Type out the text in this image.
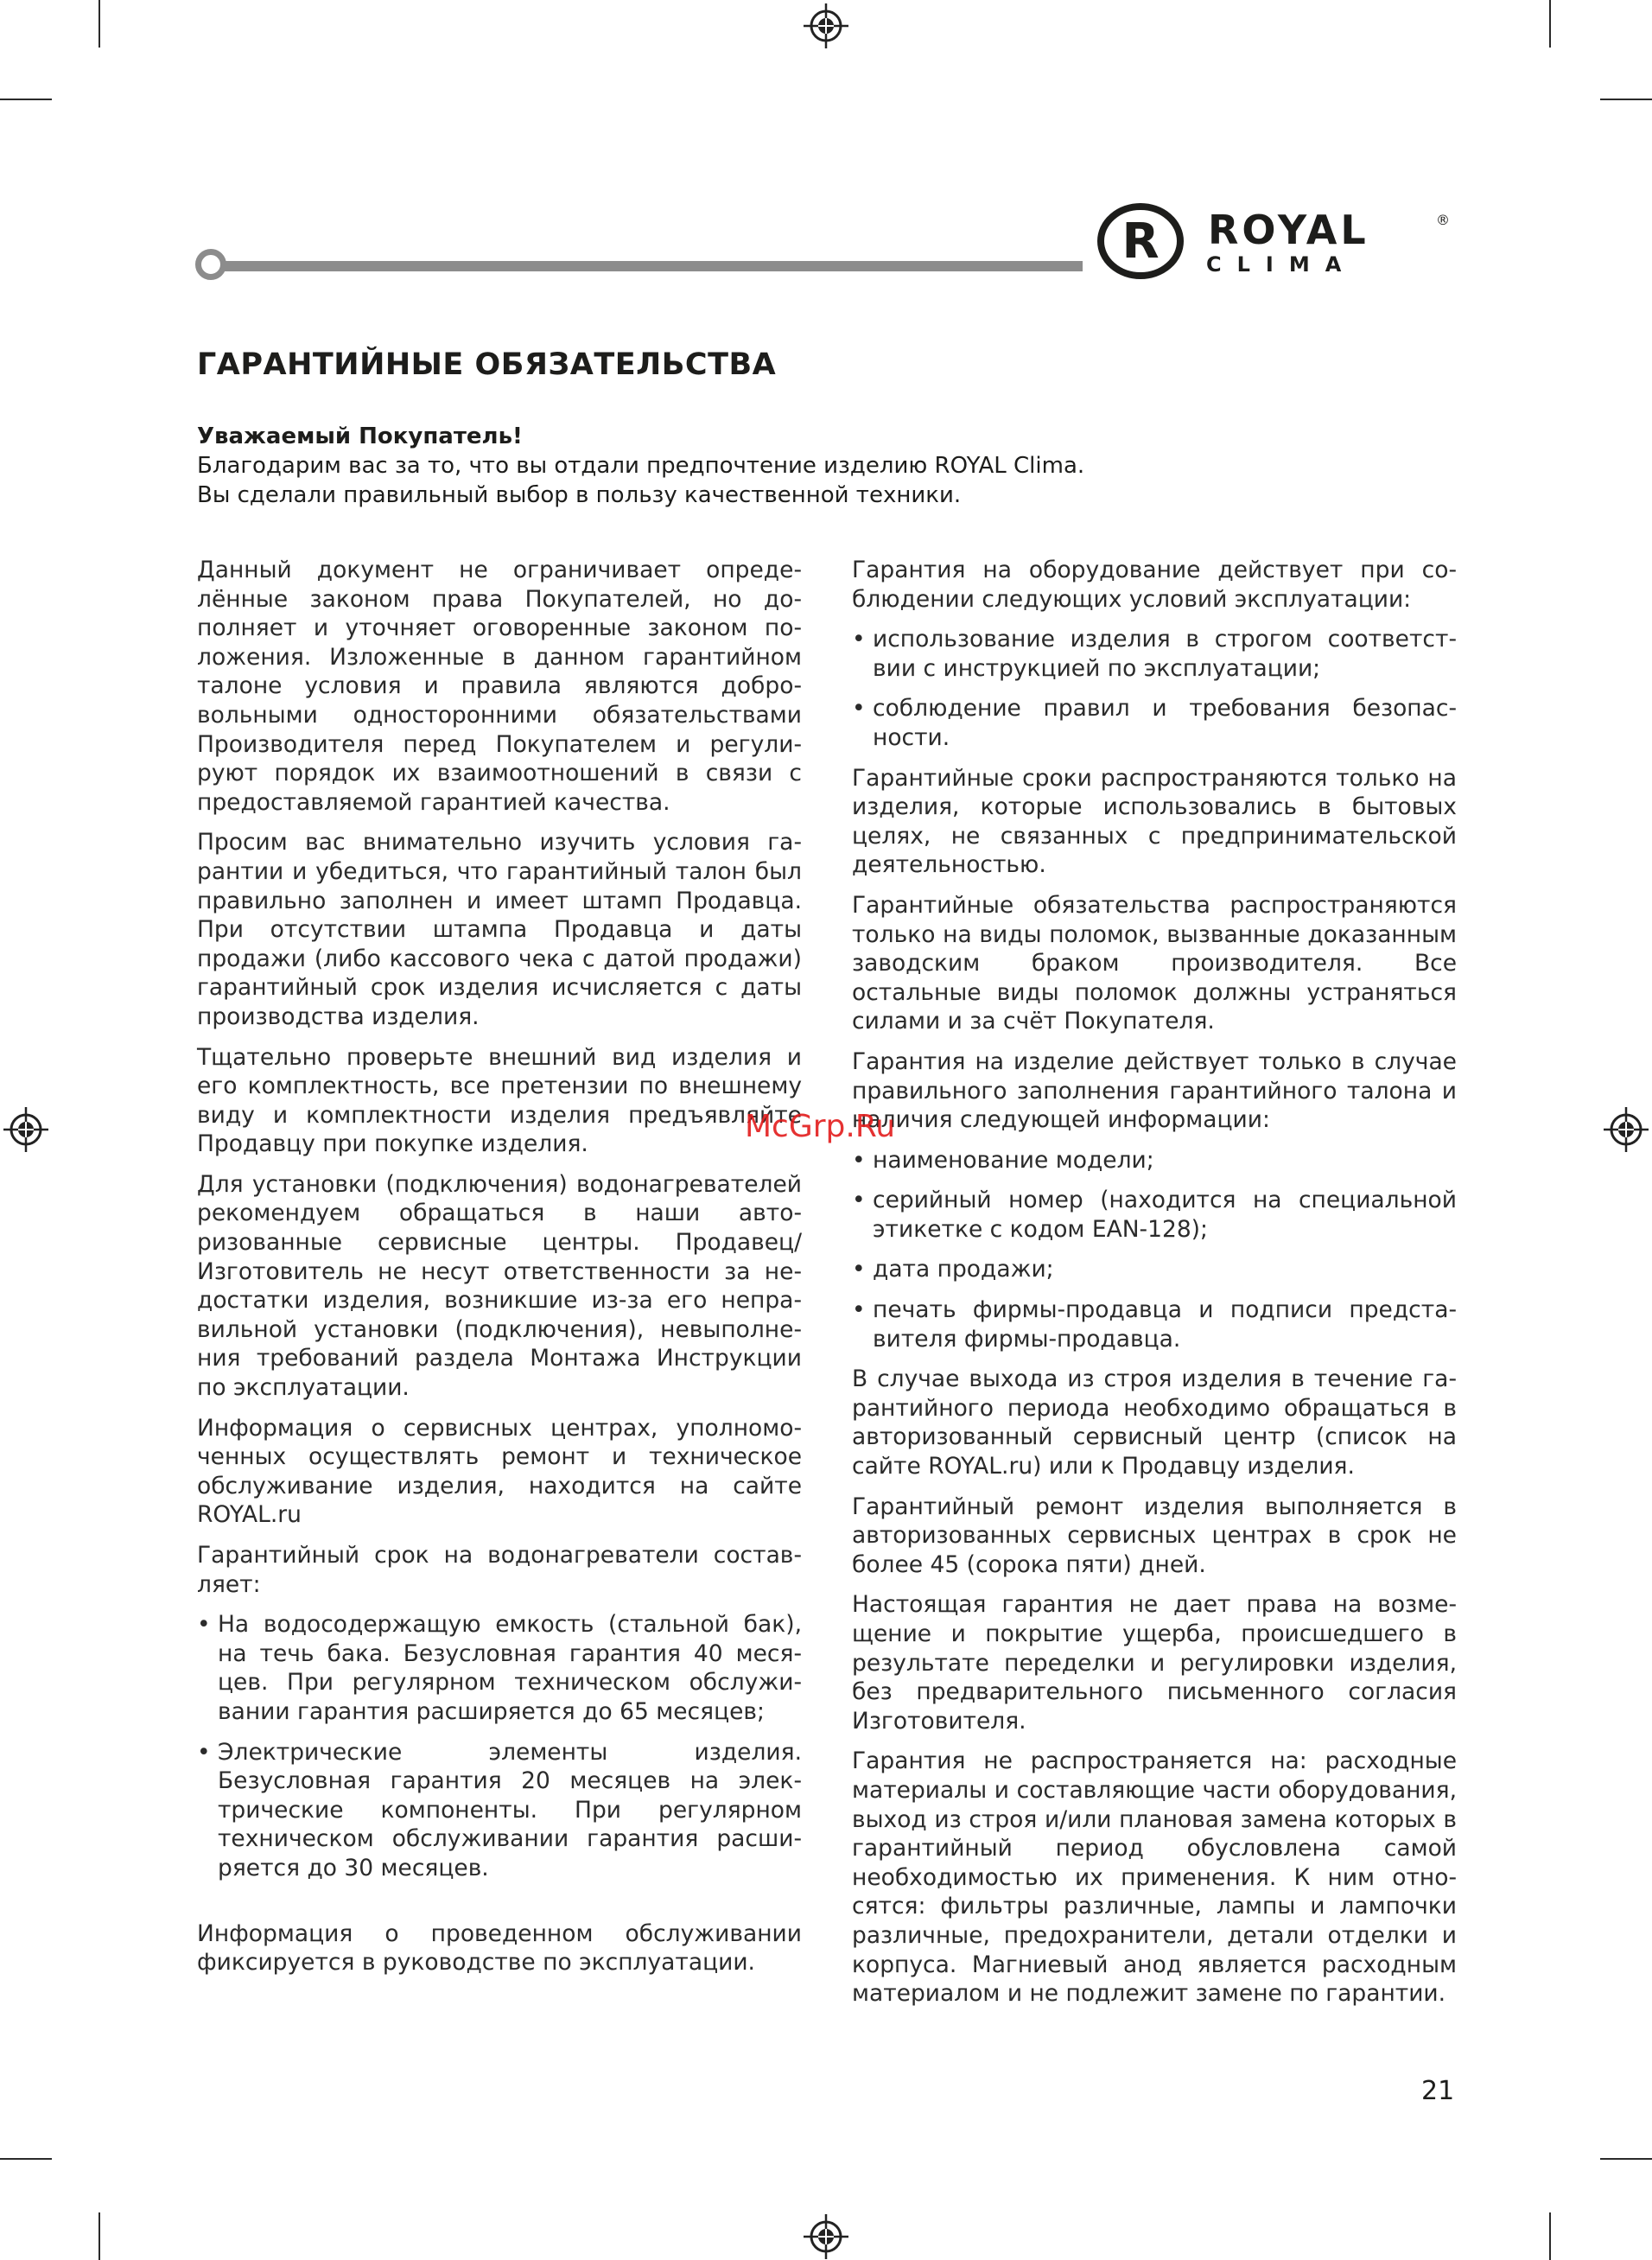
R ROYAL	®
CLIMA
ГАРАНТИЙНЫЕ ОБЯЗАТЕЛЬСТВА
Уважаемый Покупатель!
Благодарим вас за то, что вы отдали предпочтение изделию ROYAL Clima.
Вы сделали правильный выбор в пользу качественной техники.

Данный документ не ограничивает определённые законом права Покупателей, но дополняет и уточняет оговоренные законом положения. Изложенные в данном гарантийном талоне условия и правила являются добровольными односторонними обязательствами Производителя перед Покупателем и регулируют порядок их взаимоотношений в связи с предоставляемой гарантией качества.

Просим вас внимательно изучить условия гарантии и убедиться, что гарантийный талон был правильно заполнен и имеет штамп Продавца. При отсутствии штампа Продавца и даты продажи (либо кассового чека с датой продажи) гарантийный срок изделия исчисляется с даты производства изделия.

Тщательно проверьте внешний вид изделия и его комплектность, все претензии по внешнему виду и комплектности изделия предъявляйте Продавцу при покупке изделия.

Для установки (подключения) водонагревателей рекомендуем обращаться в наши авторизованные сервисные центры. Продавец/ Изготовитель не несут ответственности за недостатки изделия, возникшие из-за его неправильной установки (подключения), невыполнения требований раздела Монтажа Инструкции по эксплуатации.

Информация о сервисных центрах, уполномоченных осуществлять ремонт и техническое обслуживание изделия, находится на сайте ROYAL.ru

Гарантийный срок на водонагреватели составляет:

• На водосодержащую емкость (стальной бак), на течь бака. Безусловная гарантия 40 месяцев. При регулярном техническом обслуживании гарантия расширяется до 65 месяцев;
• Электрические элементы изделия. Безусловная гарантия 20 месяцев на электрические компоненты. При регулярном техническом обслуживании гарантия расширяется до 30 месяцев.

Информация о проведенном обслуживании фиксируется в руководстве по эксплуатации.

Гарантия на оборудование действует при соблюдении следующих условий эксплуатации:

• использование изделия в строгом соответствии с инструкцией по эксплуатации;
• соблюдение правил и требования безопасности.

Гарантийные сроки распространяются только на изделия, которые использовались в бытовых целях, не связанных с предпринимательской деятельностью.

Гарантийные обязательства распространяются только на виды поломок, вызванные доказанным заводским браком производителя. Все остальные виды поломок должны устраняться силами и за счёт Покупателя.

Гарантия на изделие действует только в случае правильного заполнения гарантийного талона и наличия следующей информации:

• наименование модели;
• серийный номер (находится на специальной этикетке с кодом EAN-128);
• дата продажи;
• печать фирмы-продавца и подписи представителя фирмы-продавца.

В случае выхода из строя изделия в течение гарантийного периода необходимо обращаться в авторизованный сервисный центр (список на сайте ROYAL.ru) или к Продавцу изделия.

Гарантийный ремонт изделия выполняется в авторизованных сервисных центрах в срок не более 45 (сорока пяти) дней.

Настоящая гарантия не дает права на возмещение и покрытие ущерба, происшедшего в результате переделки и регулировки изделия, без предварительного письменного согласия Изготовителя.

Гарантия не распространяется на: расходные материалы и составляющие части оборудования, выход из строя и/или плановая замена которых в гарантийный период обусловлена самой необходимостью их применения. К ним относятся: фильтры различные, лампы и лампочки различные, предохранители, детали отделки и корпуса. Магниевый анод является расходным материалом и не подлежит замене по гарантии.

McGrp.Ru
21
